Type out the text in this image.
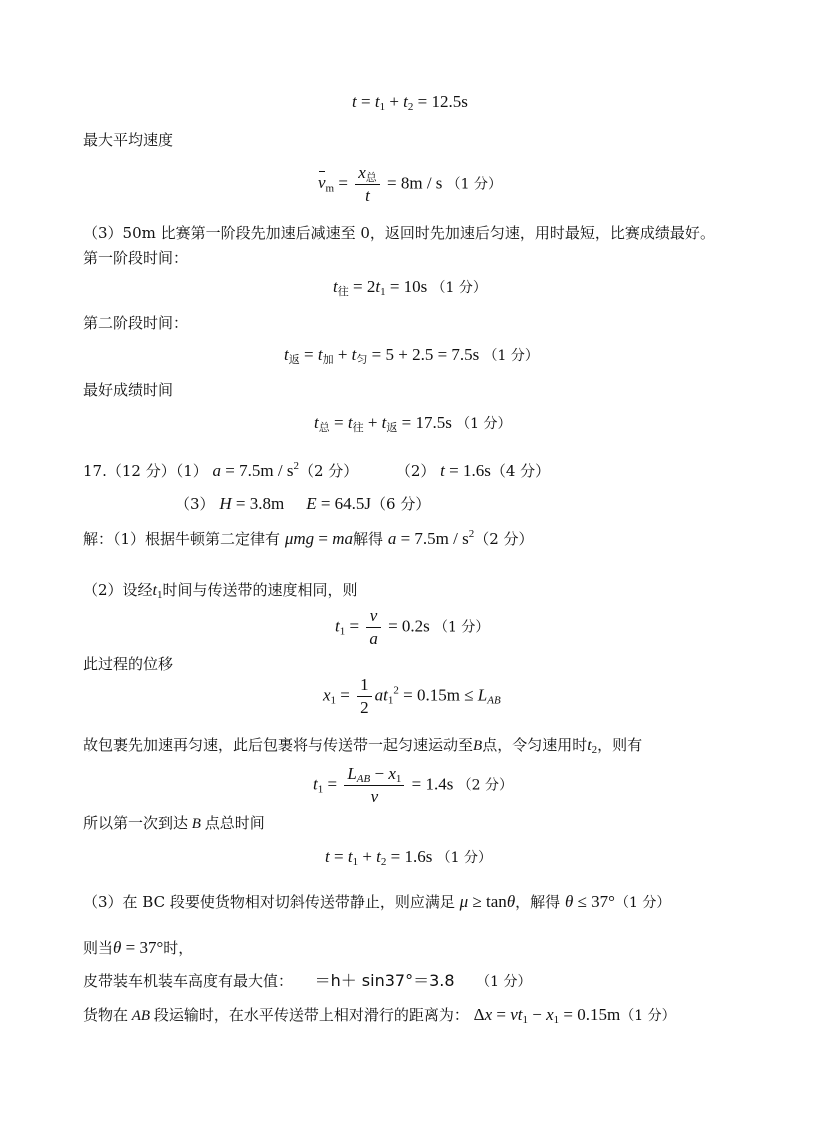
$t = t_1 + t_2 = 12.5s$
最大平均速度
$v_m = \frac{x_总}{t} = 8m / s$ （1 分）
（3）50m 比赛第一阶段先加速后减速至 0，返回时先加速后匀速，用时最短，比赛成绩最好。
第一阶段时间：
$t_往 = 2t_1 = 10s$ （1 分）
第二阶段时间：
$t_返 = t_加 + t_匀 = 5 + 2.5 = 7.5s$ （1 分）
最好成绩时间
$t_总 = t_往 + t_返 = 17.5s$ （1 分）
17.（12 分）（1） $a = 7.5m / s^2(2$ 分）	（2） t = 1.6s（4 分）
（3） H = 3.8m E = 64.5J（6 分）
解：（1）根据牛顿第二定律有 μmg = ma解得 $a = 7.5m / s^2(2$ 分）
（2）设经$t_1$时间与传送带的速度相同，则
$t_1 = \frac{v}{a} = 0.2s$ （1 分）
此过程的位移
$x_1 = \frac{1}{2} at_1^2 = 0.15m \le L_{AB}$
故包裹先加速再匀速，此后包裹将与传送带一起匀速运动至B点，令匀速用时$t_2$，则有
$t_1 = \frac{L_{AB} - x_1}{v} = 1.4s$ （2 分）
所以第一次到达 B 点总时间
$t = t_1 + t_2 = 1.6s$ （1 分）
（3）在 BC 段要使货物相对切斜传送带静止，则应满足 μ ≥ tanθ，解得 θ ≤ 37°（1 分）
则当θ = 37°时，
皮带装车机装车高度有最大值： ＝h＋ sin37°＝3.8 （1 分）
货物在 AB 段运输时，在水平传送带上相对滑行的距离为： $\Delta x = vt_1 - x_1 = 0.15m(1$ 分）
